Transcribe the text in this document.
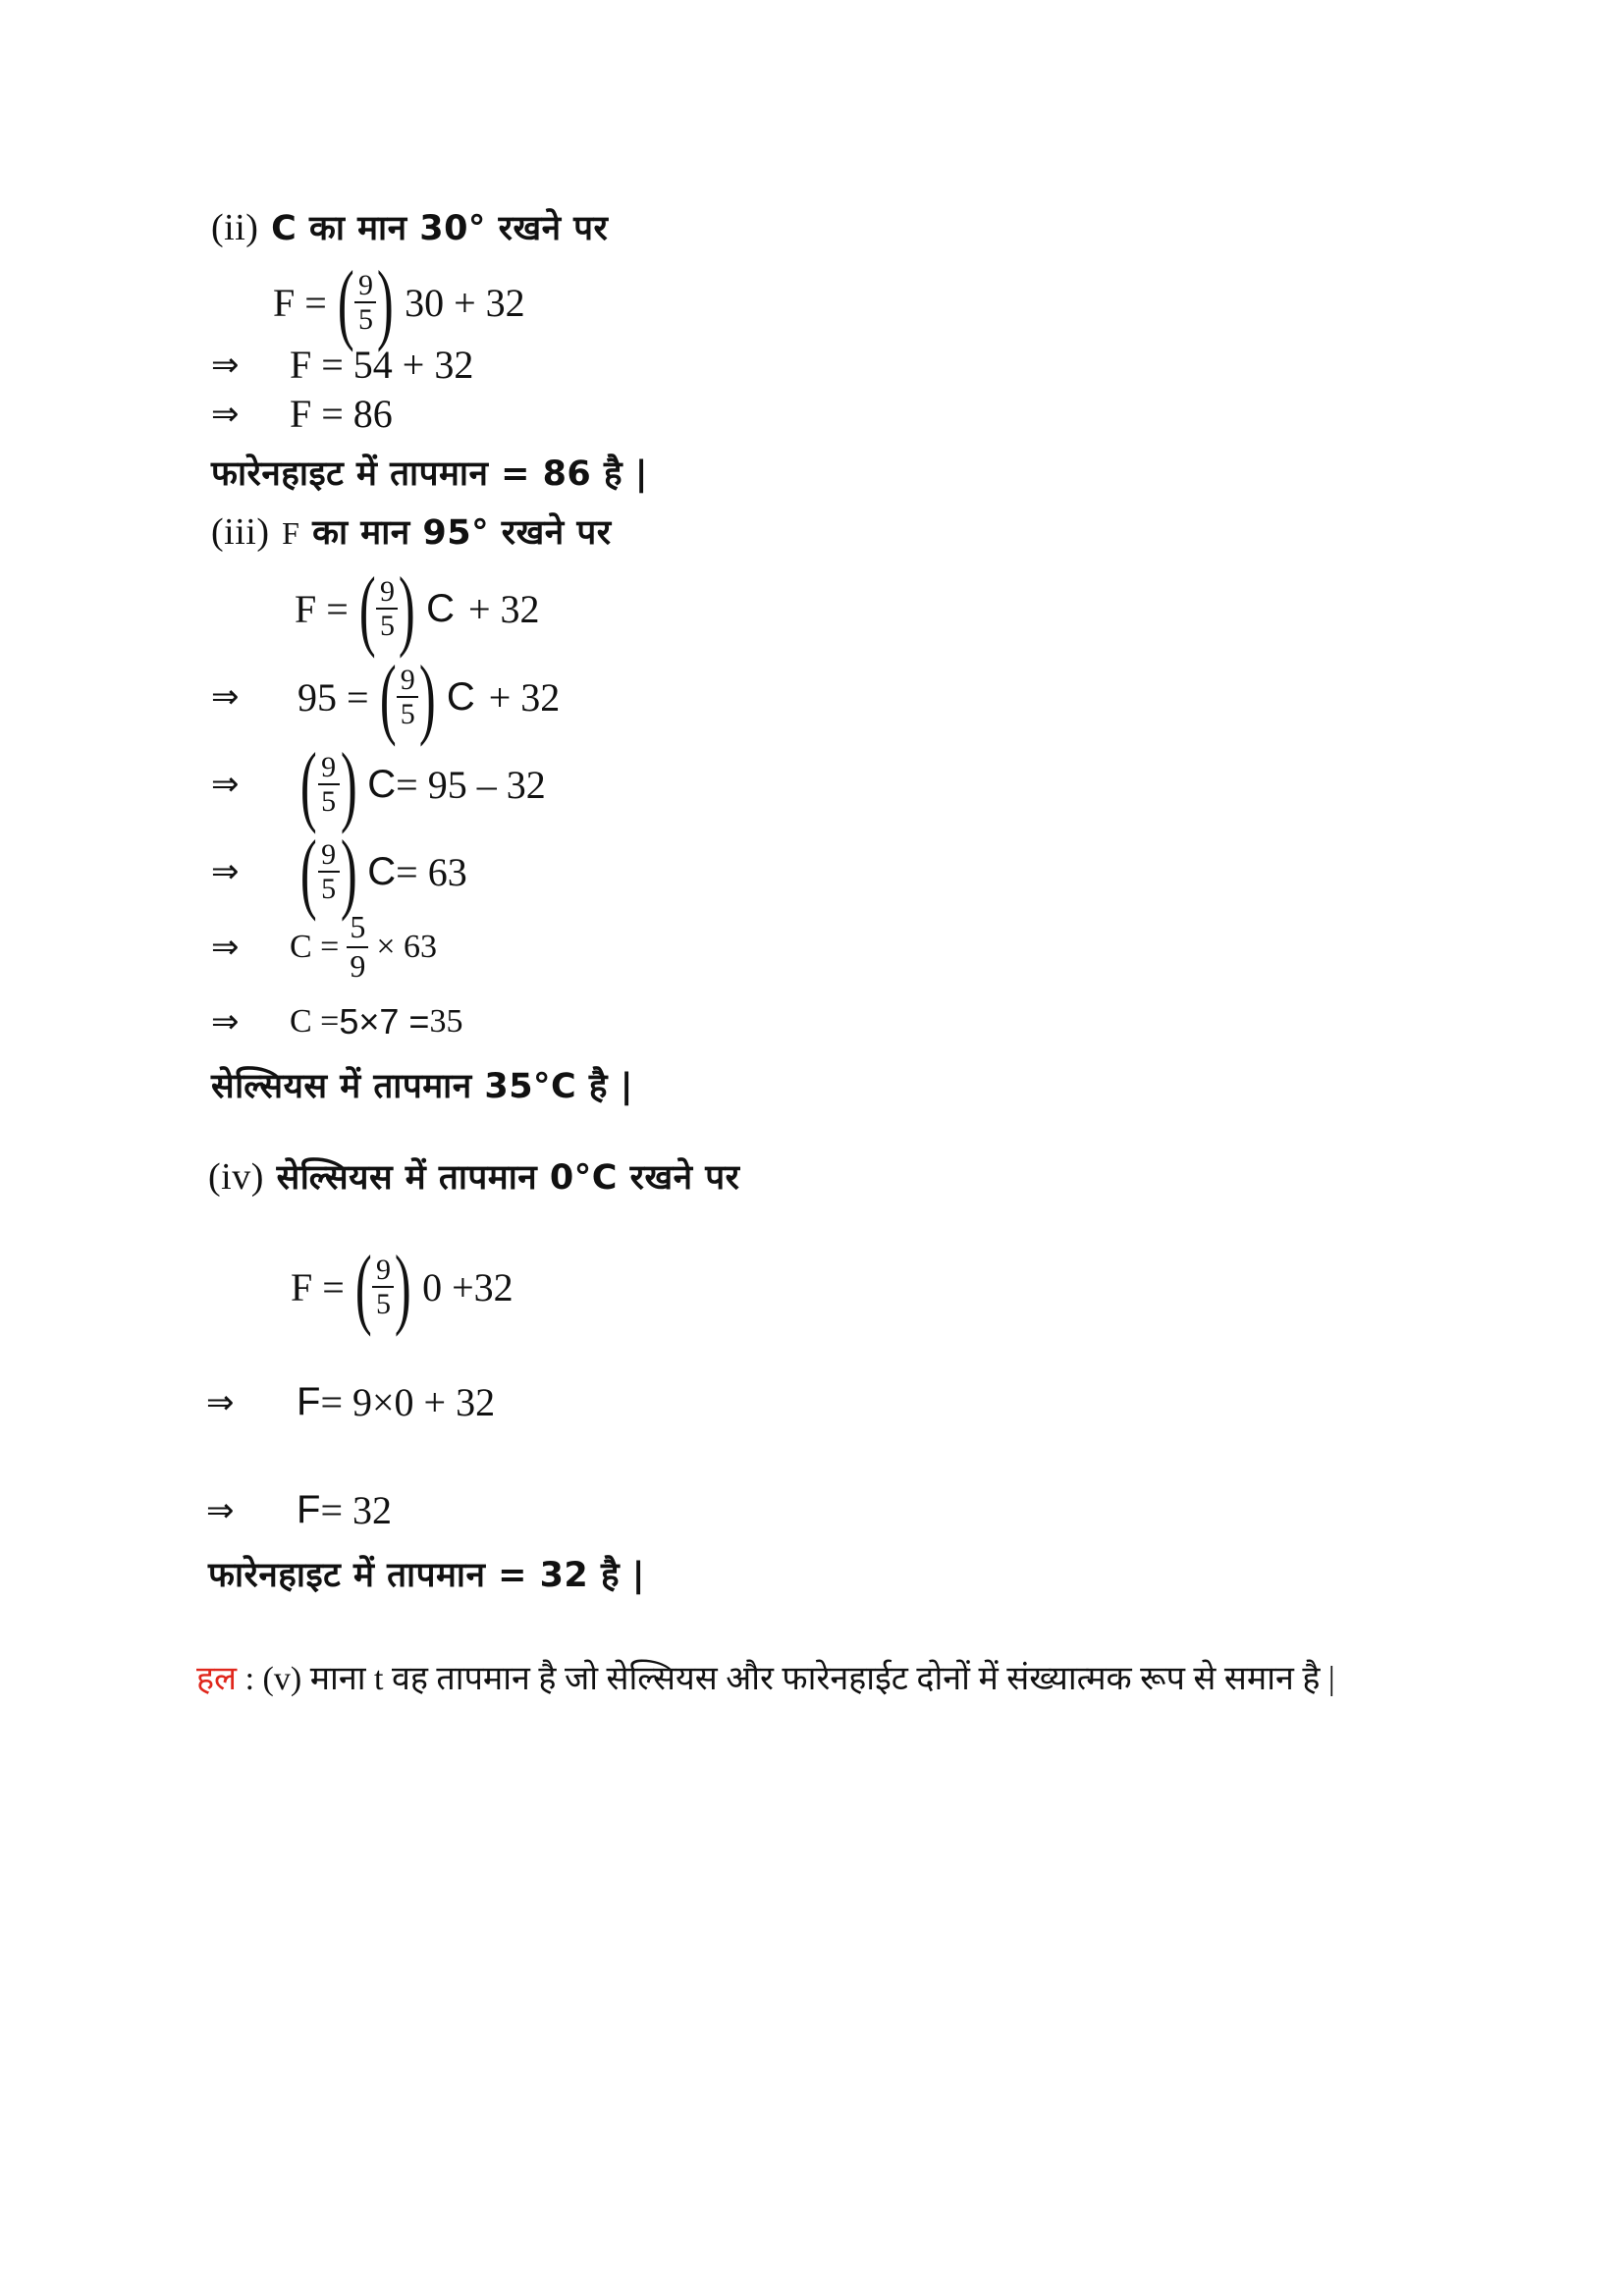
(ii) C का मान 30° रखने पर
F = ( $\frac{9}{5}$ ) 30 + 32
⇒	F = 54 + 32
⇒	F = 86
फारेनहाइट में तापमान = 86 है |
(iii) F का मान 95° रखने पर
F = ( $\frac{9}{5}$ ) C + 32
⇒	95 = ( $\frac{9}{5}$ ) C + 32
⇒ ( $\frac{9}{5}$ ) C = 95 – 32
⇒ ( $\frac{9}{5}$ ) C = 63
⇒	$C = \frac{5}{9} \times 63$
⇒	C = 5×7 = 35
सेल्सियस में तापमान 35°C है |
(iv) सेल्सियस में तापमान 0°C रखने पर
F = ( $\frac{9}{5}$ ) 0 +32
⇒	F = 9×0 + 32
⇒	F = 32
फारेनहाइट में तापमान = 32 है |
हल : (v) माना t वह तापमान है जो सेल्सियस और फारेनहाईट दोनों में संख्यात्मक रूप से समान है |
